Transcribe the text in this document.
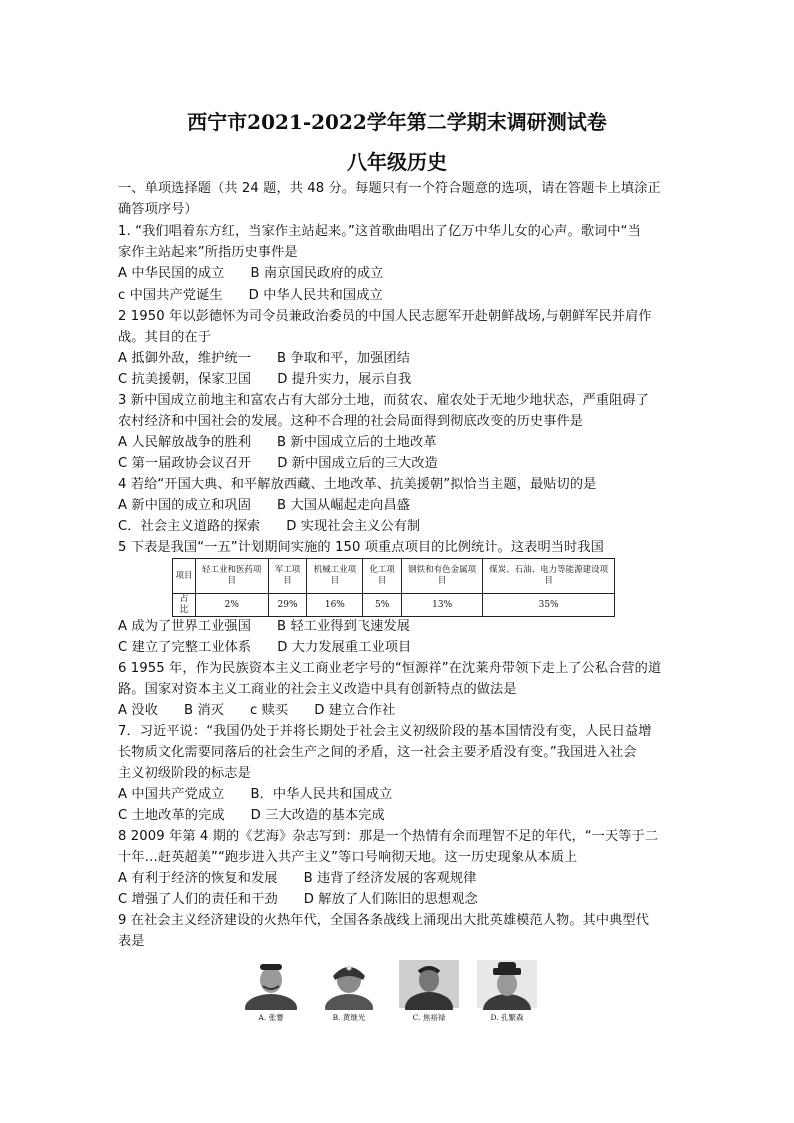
西宁市2021-2022学年第二学期末调研测试卷
八年级历史
一、单项选择题（共 24 题，共 48 分。每题只有一个符合题意的选项，请在答题卡上填涂正
确答项序号）
1. “我们唱着东方红，当家作主站起来。”这首歌曲唱出了亿万中华儿女的心声。歌词中“当
家作主站起来”所指历史事件是
A 中华民国的成立 B 南京国民政府的成立
c 中国共产党诞生 D 中华人民共和国成立
2 1950 年以彭德怀为司令员兼政治委员的中国人民志愿军开赴朝鲜战场,与朝鲜军民并肩作
战。其目的在于
A 抵御外敌，维护统一 B 争取和平，加强团结
C 抗美援朝，保家卫国 D 提升实力，展示自我
3 新中国成立前地主和富农占有大部分土地，而贫农、雇农处于无地少地状态，严重阻碍了
农村经济和中国社会的发展。这种不合理的社会局面得到彻底改变的历史事件是
A 人民解放战争的胜利 B 新中国成立后的土地改革
C 第一届政协会议召开 D 新中国成立后的三大改造
4 若给“开国大典、和平解放西藏、土地改革、抗美援朝”拟恰当主题，最贴切的是
A 新中国的成立和巩固 B 大国从崛起走向昌盛
C．社会主义道路的探索 D 实现社会主义公有制
5 下表是我国“一五”计划期间实施的 150 项重点项目的比例统计。这表明当时我国
项目	轻工业和医药项目	军工项目	机械工业项目	化工项目	钢铁和有色金属项目	煤炭、石油、电力等能源建设项目
占比	2%	29%	16%	5%	13%	35%
A 成为了世界工业强国 B 轻工业得到飞速发展
C 建立了完整工业体系 D 大力发展重工业项目
6 1955 年，作为民族资本主义工商业老字号的“恒源祥”在沈莱舟带领下走上了公私合营的道
路。国家对资本主义工商业的社会主义改造中具有创新特点的做法是
A 没收 B 消灭 c 赎买 D 建立合作社
7．习近平说：“我国仍处于并将长期处于社会主义初级阶段的基本国情没有变，人民日益增
长物质文化需要同落后的社会生产之间的矛盾，这一社会主要矛盾没有变。”我国进入社会
主义初级阶段的标志是
A 中国共产党成立 B．中华人民共和国成立
C 土地改革的完成 D 三大改造的基本完成
8 2009 年第 4 期的《艺海》杂志写到：那是一个热情有余而理智不足的年代，“一天等于二
十年…赶英超美”“跑步进入共产主义”等口号响彻天地。这一历史现象从本质上
A 有利于经济的恢复和发展 B 违背了经济发展的客观规律
C 增强了人们的责任和干劲 D 解放了人们陈旧的思想观念
9 在社会主义经济建设的火热年代，全国各条战线上涌现出大批英雄模范人物。其中典型代
表是
A. 张謇	B. 黄继光	C. 焦裕禄	D. 孔繁森
